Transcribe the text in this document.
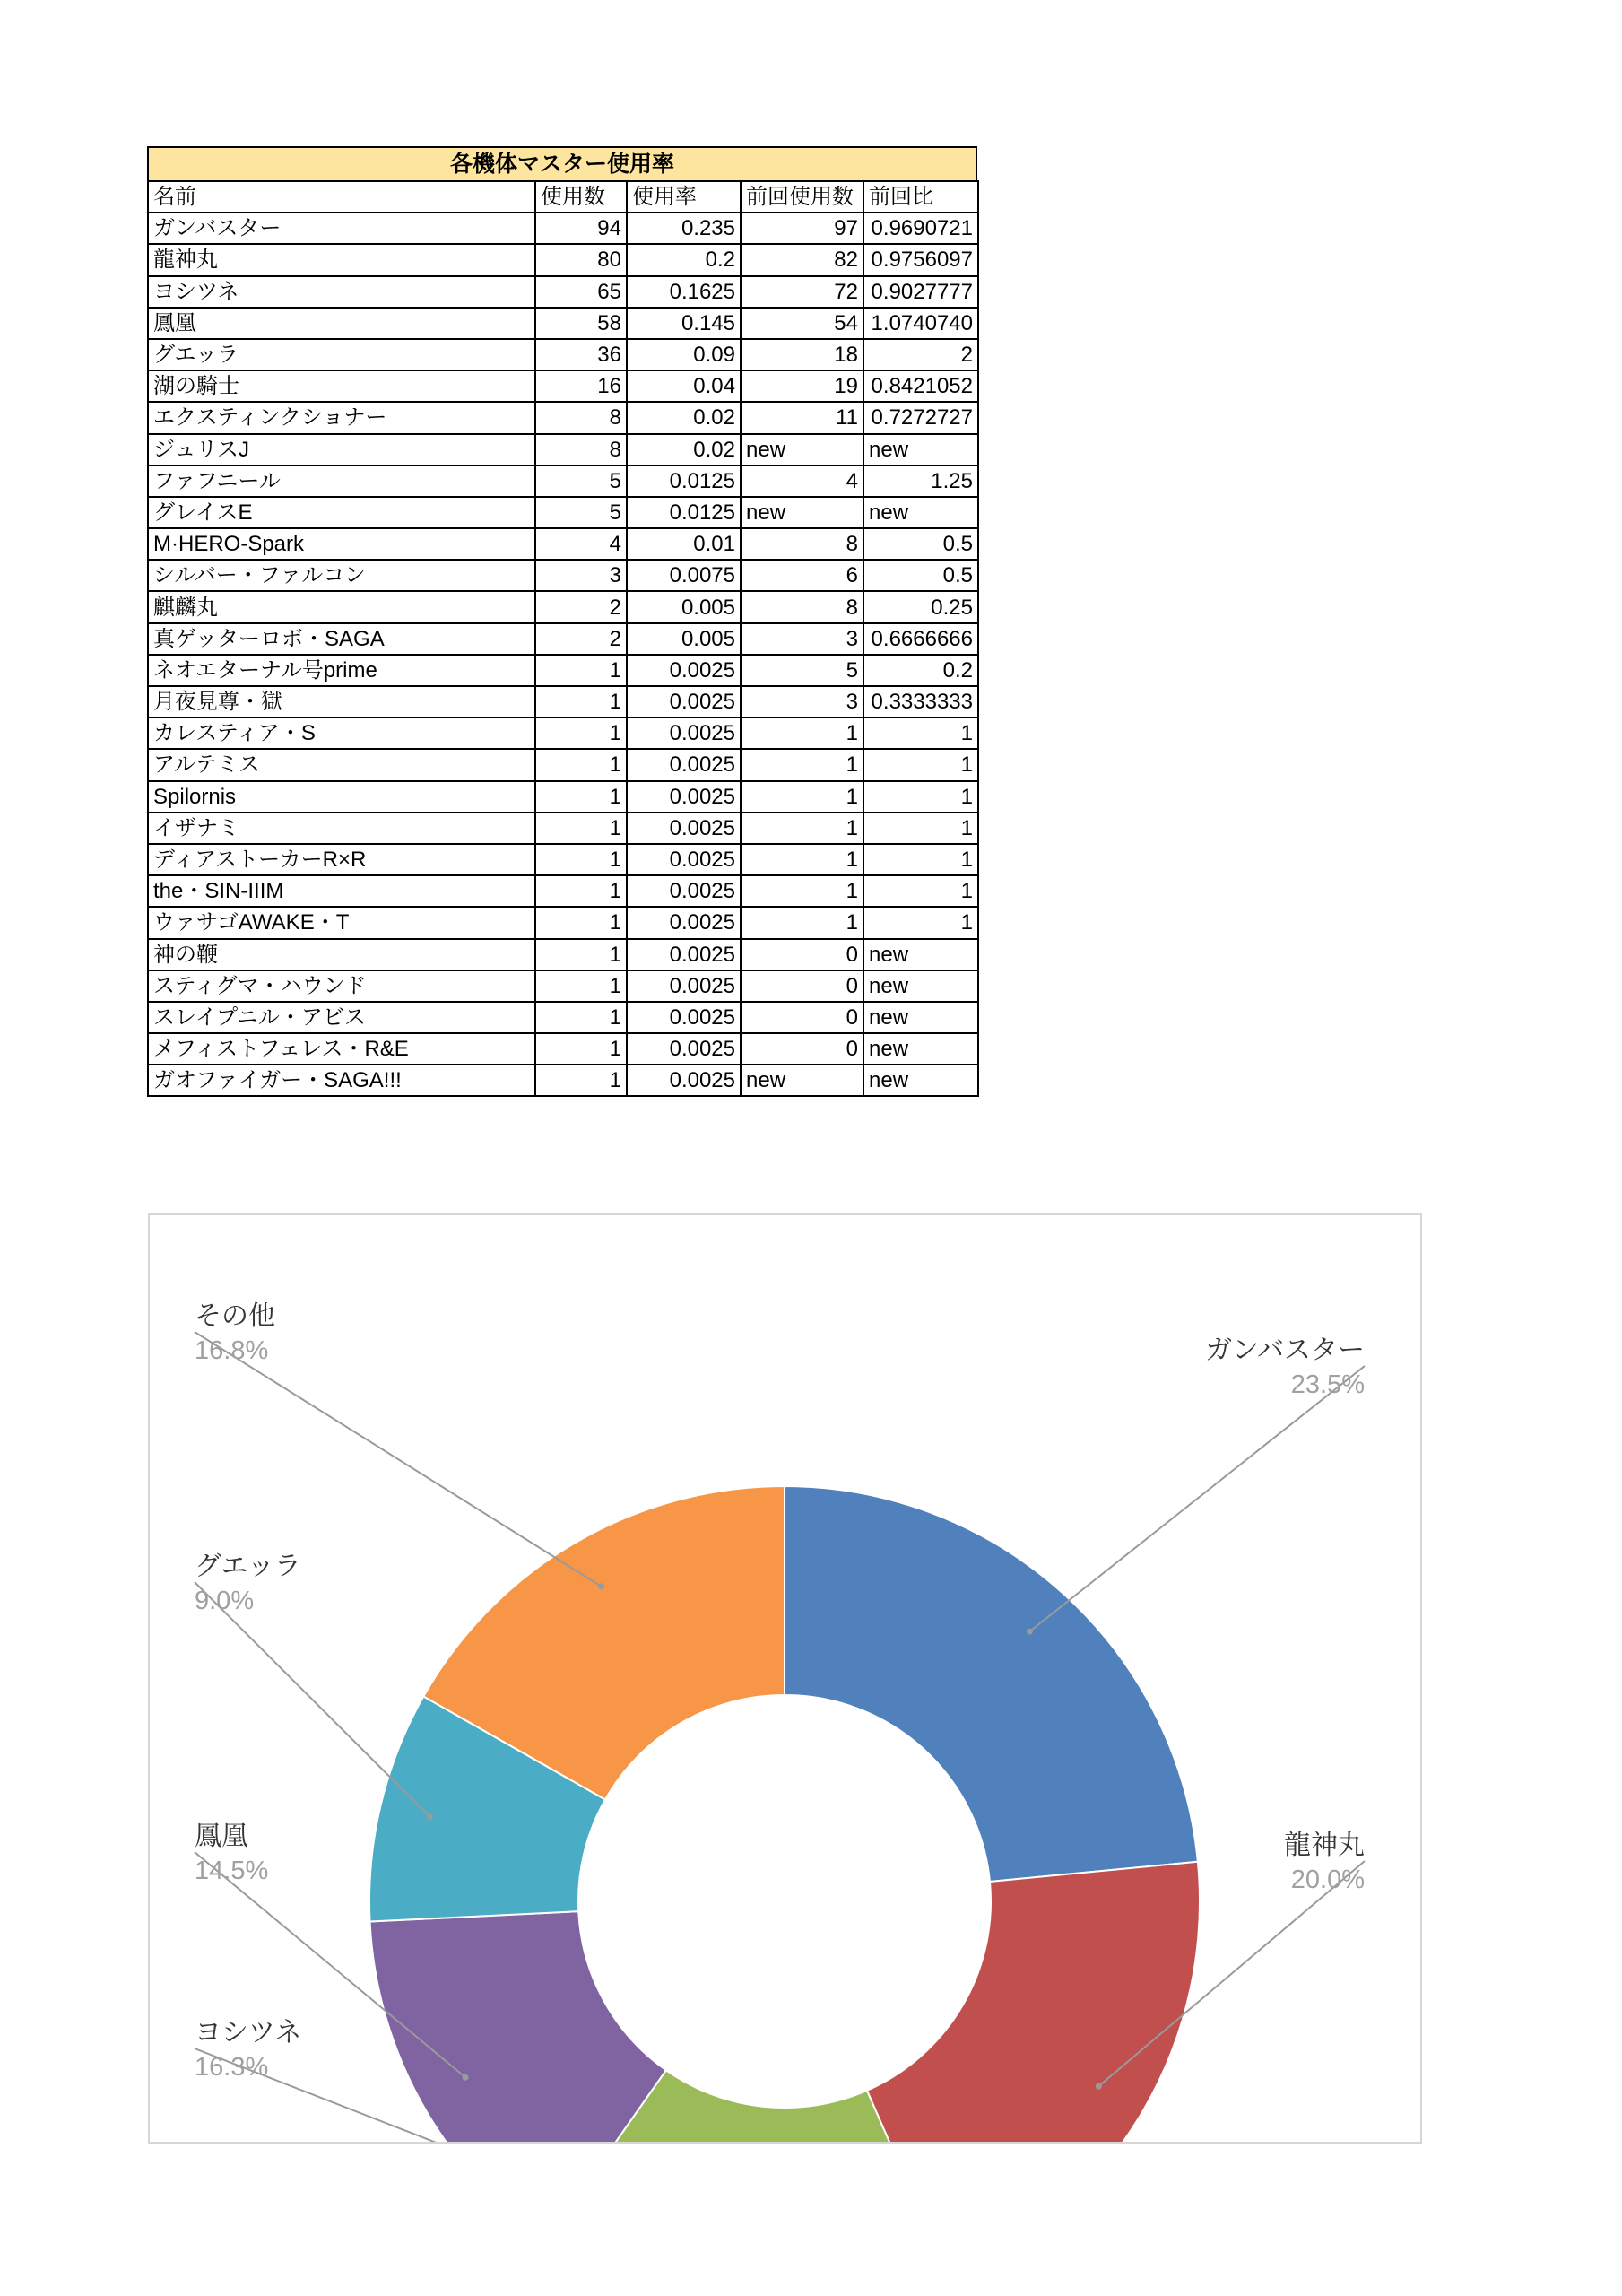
各機体マスター使用率
名前	使用数	使用率	前回使用数	前回比
ガンバスター	94	0.235	97	0.9690721
龍神丸	80	0.2	82	0.9756097
ヨシツネ	65	0.1625	72	0.9027777
鳳凰	58	0.145	54	1.0740740
グエッラ	36	0.09	18	2
湖の騎士	16	0.04	19	0.8421052
エクスティンクショナー	8	0.02	11	0.7272727
ジュリスJ	8	0.02	new	new
ファフニール	5	0.0125	4	1.25
グレイスE	5	0.0125	new	new
M·HERO-Spark	4	0.01	8	0.5
シルバー・ファルコン	3	0.0075	6	0.5
麒麟丸	2	0.005	8	0.25
真ゲッターロボ・SAGA	2	0.005	3	0.6666666
ネオエターナル号prime	1	0.0025	5	0.2
月夜見尊・獄	1	0.0025	3	0.3333333
カレスティア・S	1	0.0025	1	1
アルテミス	1	0.0025	1	1
Spilornis	1	0.0025	1	1
イザナミ	1	0.0025	1	1
ディアストーカーR×R	1	0.0025	1	1
the・SIN-IIIM	1	0.0025	1	1
ウァサゴAWAKE・T	1	0.0025	1	1
神の鞭	1	0.0025	0	new
スティグマ・ハウンド	1	0.0025	0	new
スレイプニル・アビス	1	0.0025	0	new
メフィストフェレス・R&E	1	0.0025	0	new
ガオファイガー・SAGA!!!	1	0.0025	new	new
ガンバスター
23.5%
龍神丸
20.0%
ヨシツネ
16.3%
鳳凰
14.5%
グエッラ
9.0%
その他
16.8%
